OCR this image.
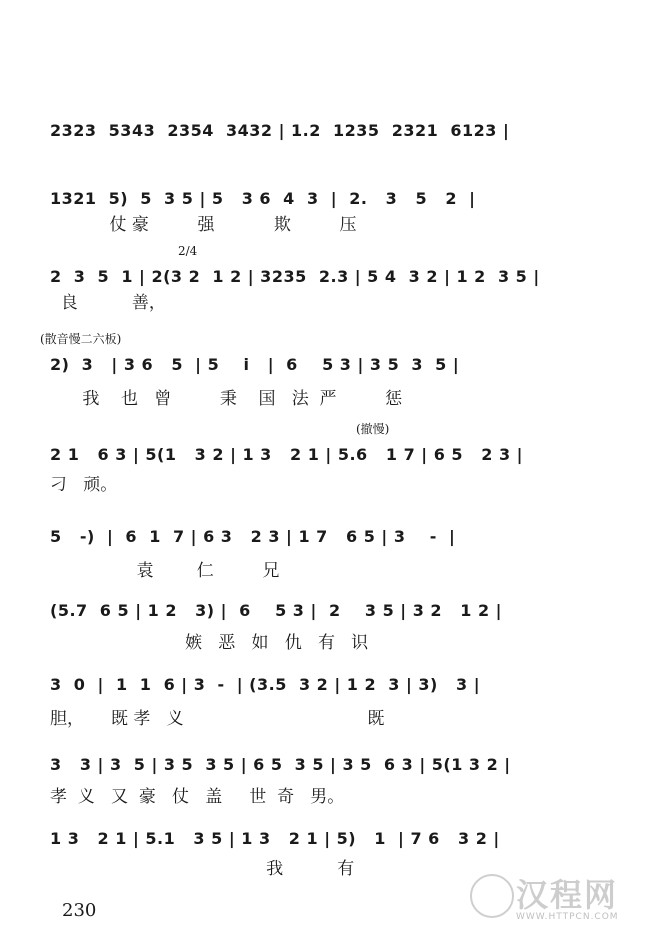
2323  5343  2354  3432 | 1.2  1235  2321  6123 |
1321  5)  5  3 5 | 5   3 6  4  3  |  2.   3   5   2  |
仗 豪         强           欺         压
2/4
2  3  5  1 | 2(3 2  1 2 | 3235  2.3 | 5 4  3 2 | 1 2  3 5 |
良          善，
(散音慢二六板)
2)  3   | 3 6   5  | 5    i   |  6    5 3 | 3 5  3  5 |
我    也   曾         秉    国   法  严         惩
(撤慢)
2 1   6 3 | 5(1   3 2 | 1 3   2 1 | 5.6   1 7 | 6 5   2 3 |
刁   顽。
5   -)  |  6  1  7 | 6 3   2 3 | 1 7   6 5 | 3    -  |
袁        仁         兄
(5.7  6 5 | 1 2   3) |  6    5 3 |  2    3 5 | 3 2   1 2 |
嫉   恶   如   仇   有   识
3  0  |  1  1  6 | 3  -  | (3.5  3 2 | 1 2  3 | 3)   3 |
胆，     既 孝   义                                  既
3   3 | 3  5 | 3 5  3 5 | 6 5  3 5 | 3 5  6 3 | 5(1 3 2 |
孝  义   又  豪   仗   盖     世  奇   男。
1 3   2 1 | 5.1   3 5 | 1 3   2 1 | 5)   1  | 7 6   3 2 |
我          有
230	汉程网
WWW.HTTPCN.COM
